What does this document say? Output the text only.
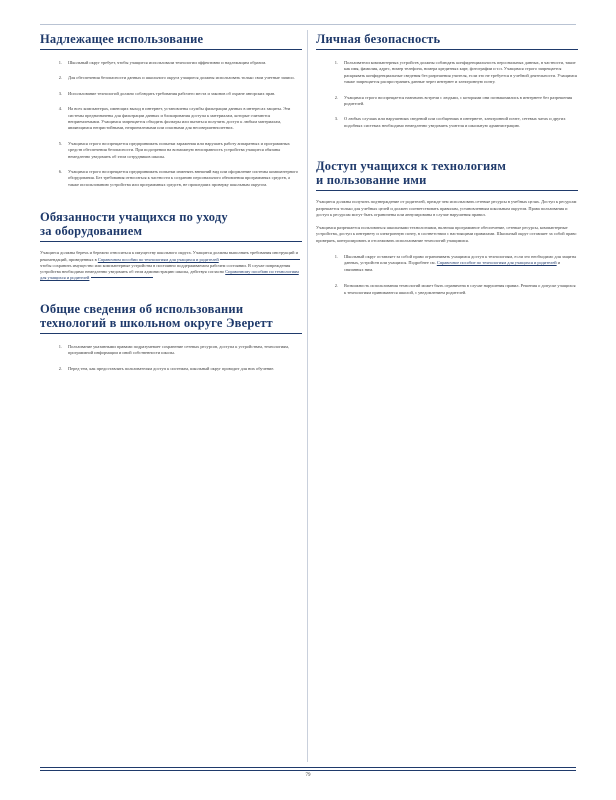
Надлежащее использование
1.	Школьный округ требует, чтобы учащиеся использовали технологии эффективно и надлежащим образом.
2.	Для обеспечения безопасности данных и школьного округа учащиеся должны использовать только свои учетные записи.
3.	Использование технологий должно соблюдать требования рабочего места и законов об охране авторских прав.
4.	На всех компьютерах, имеющих выход в интернет, установлены службы фильтрации данных в интересах защиты. Эти системы предназначены для фильтрации данных и блокирования доступа к материалам, которые считаются неприемлемыми. Учащимся запрещается обходить фильтры или пытаться получить доступ к любым материалам, являющимся непристойными, неприемлемыми или опасными для несовершеннолетних.
5.	Учащимся строго воспрещается предпринимать попытки заражения или нарушать работу аппаратных и программных средств обеспечения безопасности. При подозрении на возможную неисправность устройства учащиеся обязаны немедленно уведомить об этом сотрудников школы.
6.	Учащимся строго воспрещается предпринимать попытки изменять внешний вид или оформление системы компьютерного оборудования. Без требования относиться к частности к созданию персонального обновления программных средств, а также использованию устройства или программных средств, не прошедших проверку школьным округом.
Обязанности учащихся по уходу
за оборудованием

Учащиеся должны беречь и бережно относиться к имуществу школьного округа. Учащиеся должны выполнять требования инструкций и рекомендаций, приведенных в Справочном пособии по технологиям для учащихся и родителей  чтобы сохранить имущество или компьютерные устройства в постоянно поддерживаемом рабочем состоянии. В случае повреждения устройства необходимо немедленно уведомить об этом администрацию школы, действуя согласно Справочному пособию по технологиям для учащихся и родителей

Общие сведения об использовании
технологий в школьном округе Эверетт
1.	Пользование указанными правами подразумевает сохранение сетевых ресурсов, доступа к устройствам, технологиям, программной информации и иной собственности школы.
2.	Перед тем, как предоставлять пользователям доступ к системам, школьный округ проводит для них обучение.
Личная безопасность
1.	Пользователи компьютерных устройств должны соблюдать конфиденциальность персональных данных, в частности, такие как имя, фамилия, адрес, номер телефона, номера кредитных карт, фотографии и т.п. Учащимся строго запрещается раскрывать конфиденциальные сведения без разрешения учителя, если это не требуется в учебной деятельности. Учащимся также запрещается распространять данные через интернет и электронную почту.
2.	Учащимся строго воспрещается назначать встречи с людьми, с которыми они познакомились в интернете без разрешения родителей.
3.	О любых случаях или нарушениях сведений или сообщениях в интернете, электронной почте, сетевых чатах и других подобных системах необходимо немедленно уведомить учителя и школьную администрацию.
Доступ учащихся к технологиям
и пользование ими

Учащиеся должны получить подтверждение от родителей, прежде чем использовать сетевые ресурсы в учебных целях. Доступ к ресурсам разрешается только для учебных целей и должен соответствовать правилам, установленным школьным округом. Права пользования и доступ к ресурсам могут быть ограничены или аннулированы в случае нарушения правил.

Учащимся разрешается пользоваться школьными технологиями, включая программное обеспечение, сетевые ресурсы, компьютерные устройства, доступ к интернету и электронную почту, в соответствии с настоящими правилами. Школьный округ оставляет за собой право проверять, контролировать и отслеживать использование технологий учащимися.

1.	Школьный округ оставляет за собой право ограничивать учащимся доступ к технологиям, если это необходимо для защиты данных, устройств или учащихся. Подробнее см. Справочное пособие по технологиям для учащихся и родителей и связанных ним.
2.	Возможность использования технологий может быть ограничена в случае нарушения правил. Решения о допуске учащихся к технологиям принимаются школой, с уведомлением родителей.
79
